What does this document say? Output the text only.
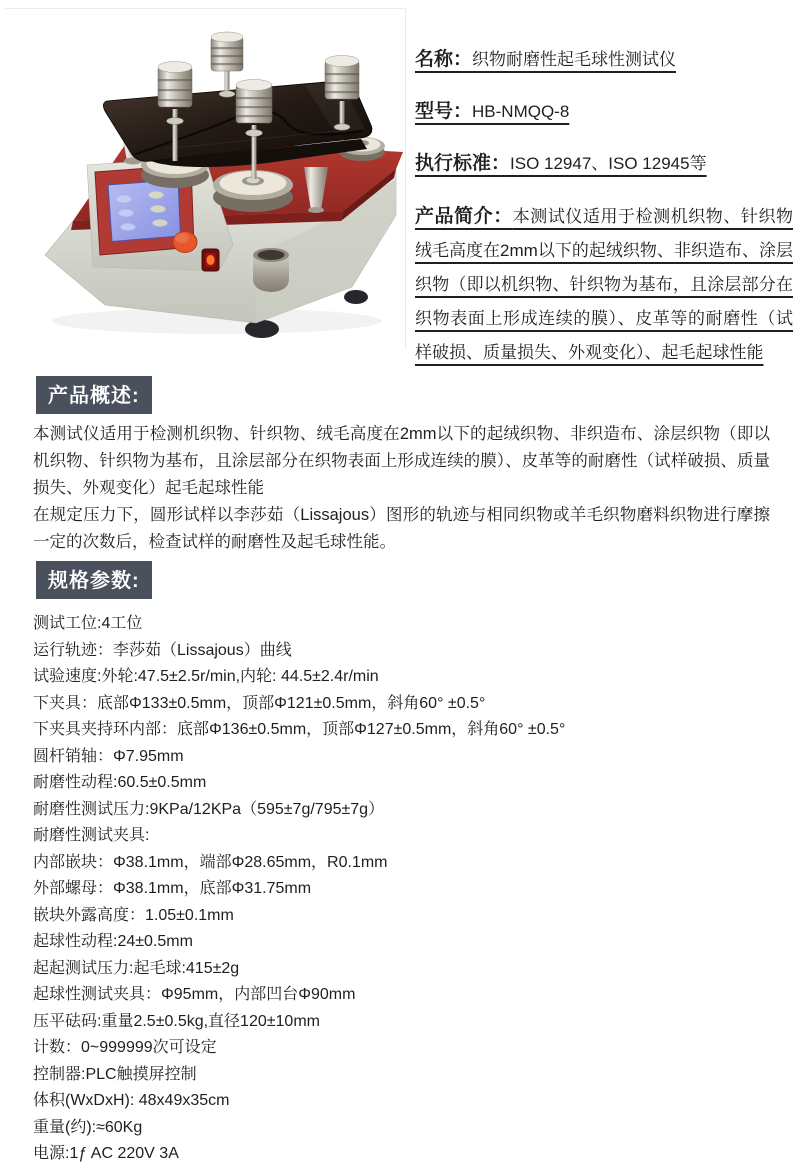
名称：织物耐磨性起毛球性测试仪
型号：HB-NMQQ-8
执行标准：ISO 12947、ISO 12945等

产品简介：本测试仪适用于检测机织物、针织物绒毛高度在2mm以下的起绒织物、非织造布、涂层织物（即以机织物、针织物为基布，且涂层部分在织物表面上形成连续的膜）、皮革等的耐磨性（试样破损、质量损失、外观变化）、起毛起球性能

产品概述:

本测试仪适用于检测机织物、针织物、绒毛高度在2mm以下的起绒织物、非织造布、涂层织物（即以机织物、针织物为基布，且涂层部分在织物表面上形成连续的膜）、皮革等的耐磨性（试样破损、质量损失、外观变化）起毛起球性能

在规定压力下，圆形试样以李莎茹（Lissajous）图形的轨迹与相同织物或羊毛织物磨料织物进行摩擦一定的次数后，检查试样的耐磨性及起毛球性能。

规格参数:
测试工位:4工位
运行轨迹：李莎茹（Lissajous）曲线
试验速度:外轮:47.5±2.5r/min,内轮: 44.5±2.4r/min
下夹具：底部Φ133±0.5mm，顶部Φ121±0.5mm，斜角60° ±0.5°
下夹具夹持环内部：底部Φ136±0.5mm，顶部Φ127±0.5mm，斜角60° ±0.5°
圆杆销轴：Φ7.95mm
耐磨性动程:60.5±0.5mm
耐磨性测试压力:9KPa/12KPa（595±7g/795±7g）
耐磨性测试夹具:
内部嵌块：Φ38.1mm，端部Φ28.65mm，R0.1mm
外部螺母：Φ38.1mm，底部Φ31.75mm
嵌块外露高度：1.05±0.1mm
起球性动程:24±0.5mm
起起测试压力:起毛球:415±2g
起球性测试夹具：Φ95mm，内部凹台Φ90mm
压平砝码:重量2.5±0.5kg,直径120±10mm
计数：0~999999次可设定
控制器:PLC触摸屏控制
体积(WxDxH): 48x49x35cm
重量(约):≈60Kg
电源:1ƒ AC 220V 3A
